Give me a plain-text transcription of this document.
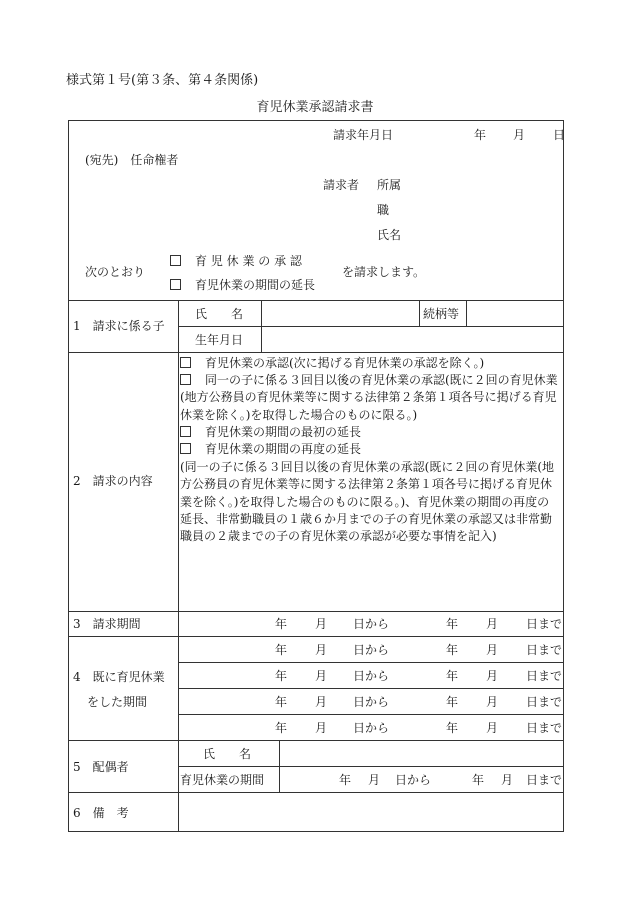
様式第１号(第３条、第４条関係)
育児休業承認請求書
請求年月日	年 月 日
(宛先)　任命権者
請求者 所属
職
氏名
次のとおり
育 児 休 業 の 承 認
育児休業の期間の延長
を請求します。
1　請求に係る子
氏　　名	続柄等
生年月日
2　請求の内容
育児休業の承認(次に掲げる育児休業の承認を除く。)
同一の子に係る３回目以後の育児休業の承認(既に２回の育児休業(地方公務員の育児休業等に関する法律第２条第１項各号に掲げる育児休業を除く。)を取得した場合のものに限る。)
育児休業の期間の最初の延長
育児休業の期間の再度の延長
(同一の子に係る３回目以後の育児休業の承認(既に２回の育児休業(地方公務員の育児休業等に関する法律第２条第１項各号に掲げる育児休業を除く。)を取得した場合のものに限る。)、育児休業の期間の再度の延長、非常勤職員の１歳６か月までの子の育児休業の承認又は非常勤職員の２歳までの子の育児休業の承認が必要な事情を記入)
3　請求期間	年 月 日から	年 月 日まで
4　既に育児休業
をした期間
年 月 日から	年 月 日まで
年 月 日から	年 月 日まで
年 月 日から	年 月 日まで
年 月 日から	年 月 日まで
5　配偶者
氏　　名
育児休業の期間	年 月 日から	年 月 日まで
6　備　考
